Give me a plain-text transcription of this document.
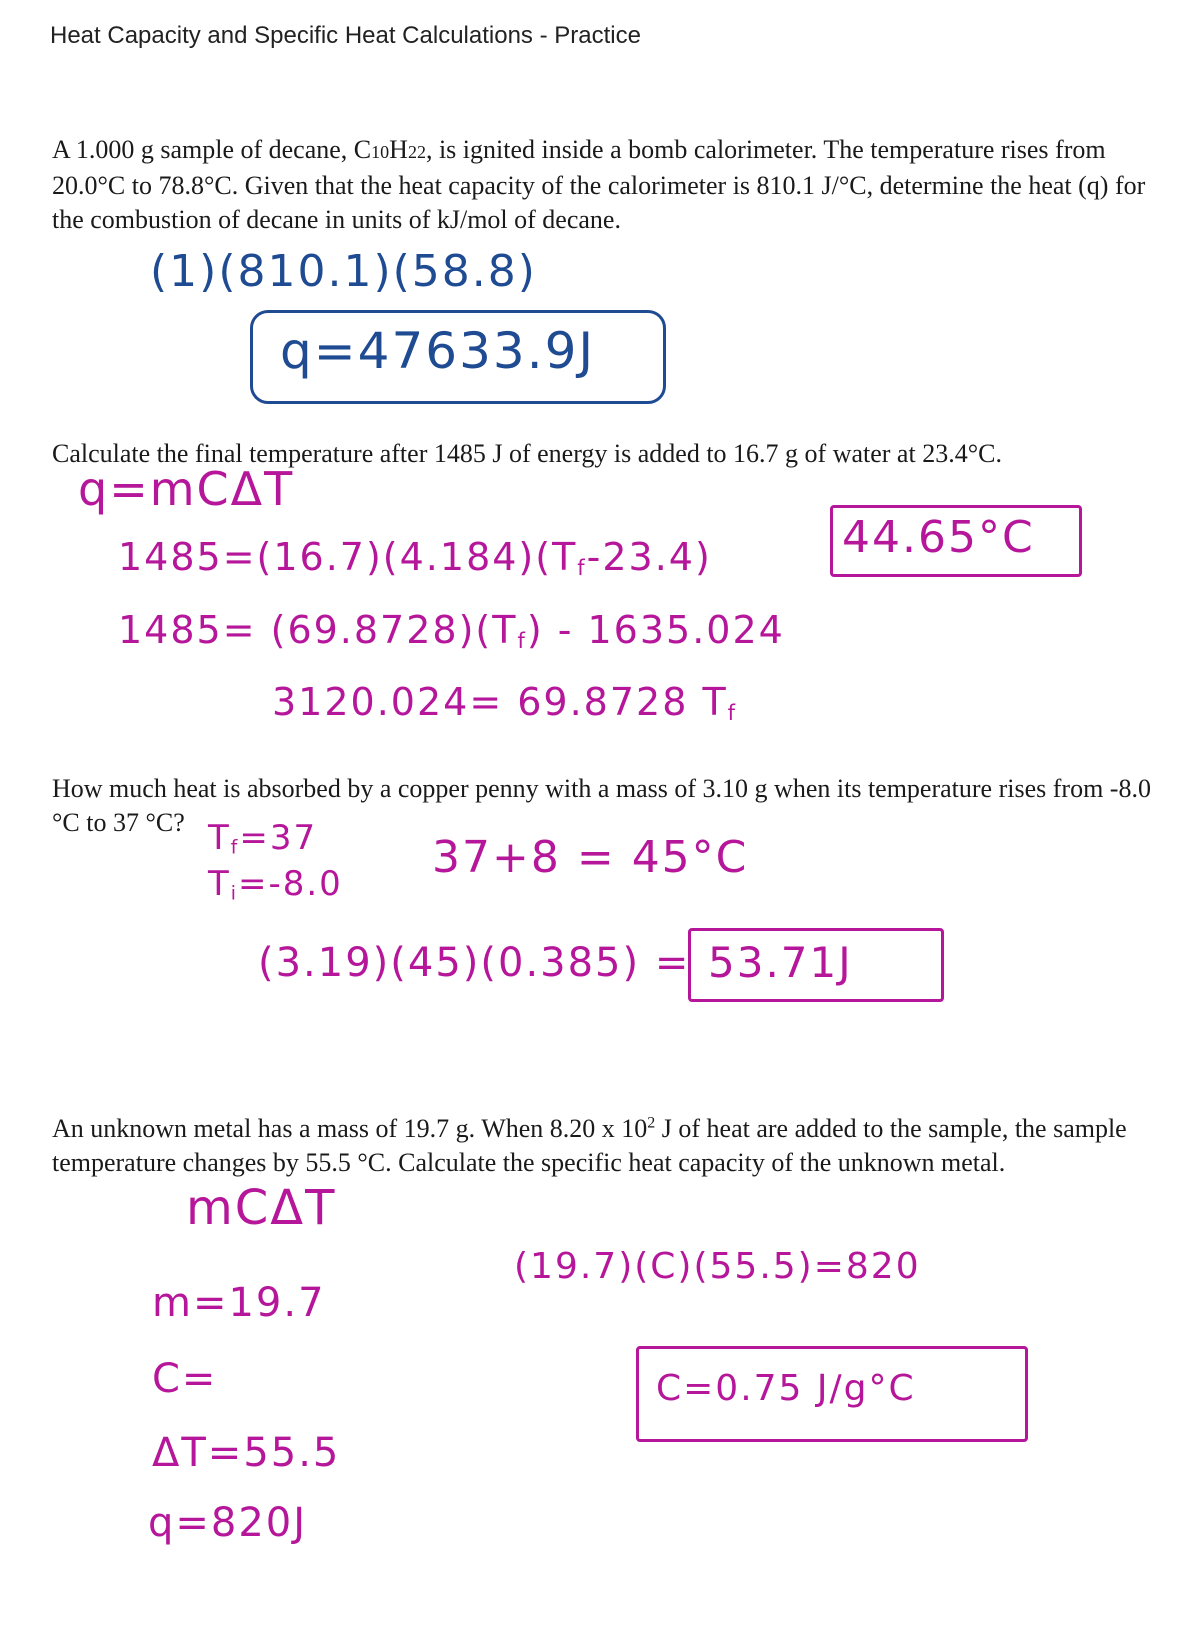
Heat Capacity and Specific Heat Calculations - Practice
A 1.000 g sample of decane, C10H22, is ignited inside a bomb calorimeter. The temperature rises from 20.0°C to 78.8°C. Given that the heat capacity of the calorimeter is 810.1 J/°C, determine the heat (q) for the combustion of decane in units of kJ/mol of decane.
(1)(810.1)(58.8)
q=47633.9J
Calculate the final temperature after 1485 J of energy is added to 16.7 g of water at 23.4°C.
q=mCΔT
1485=(16.7)(4.184)(Tf-23.4)	44.65°C
1485= (69.8728)(Tf) - 1635.024
3120.024= 69.8728 Tf
How much heat is absorbed by a copper penny with a mass of 3.10 g when its temperature rises from -8.0 °C to 37 °C? Tf=37
Ti=-8.0
37+8 = 45°C
(3.19)(45)(0.385) = 53.71J
An unknown metal has a mass of 19.7 g. When 8.20 x $10^2$ J of heat are added to the sample, the sample temperature changes by 55.5 °C. Calculate the specific heat capacity of the unknown metal.
mCΔT
m=19.7
C=
ΔT=55.5
q=820J
(19.7)(C)(55.5)=820
C=0.75 J/g°C
